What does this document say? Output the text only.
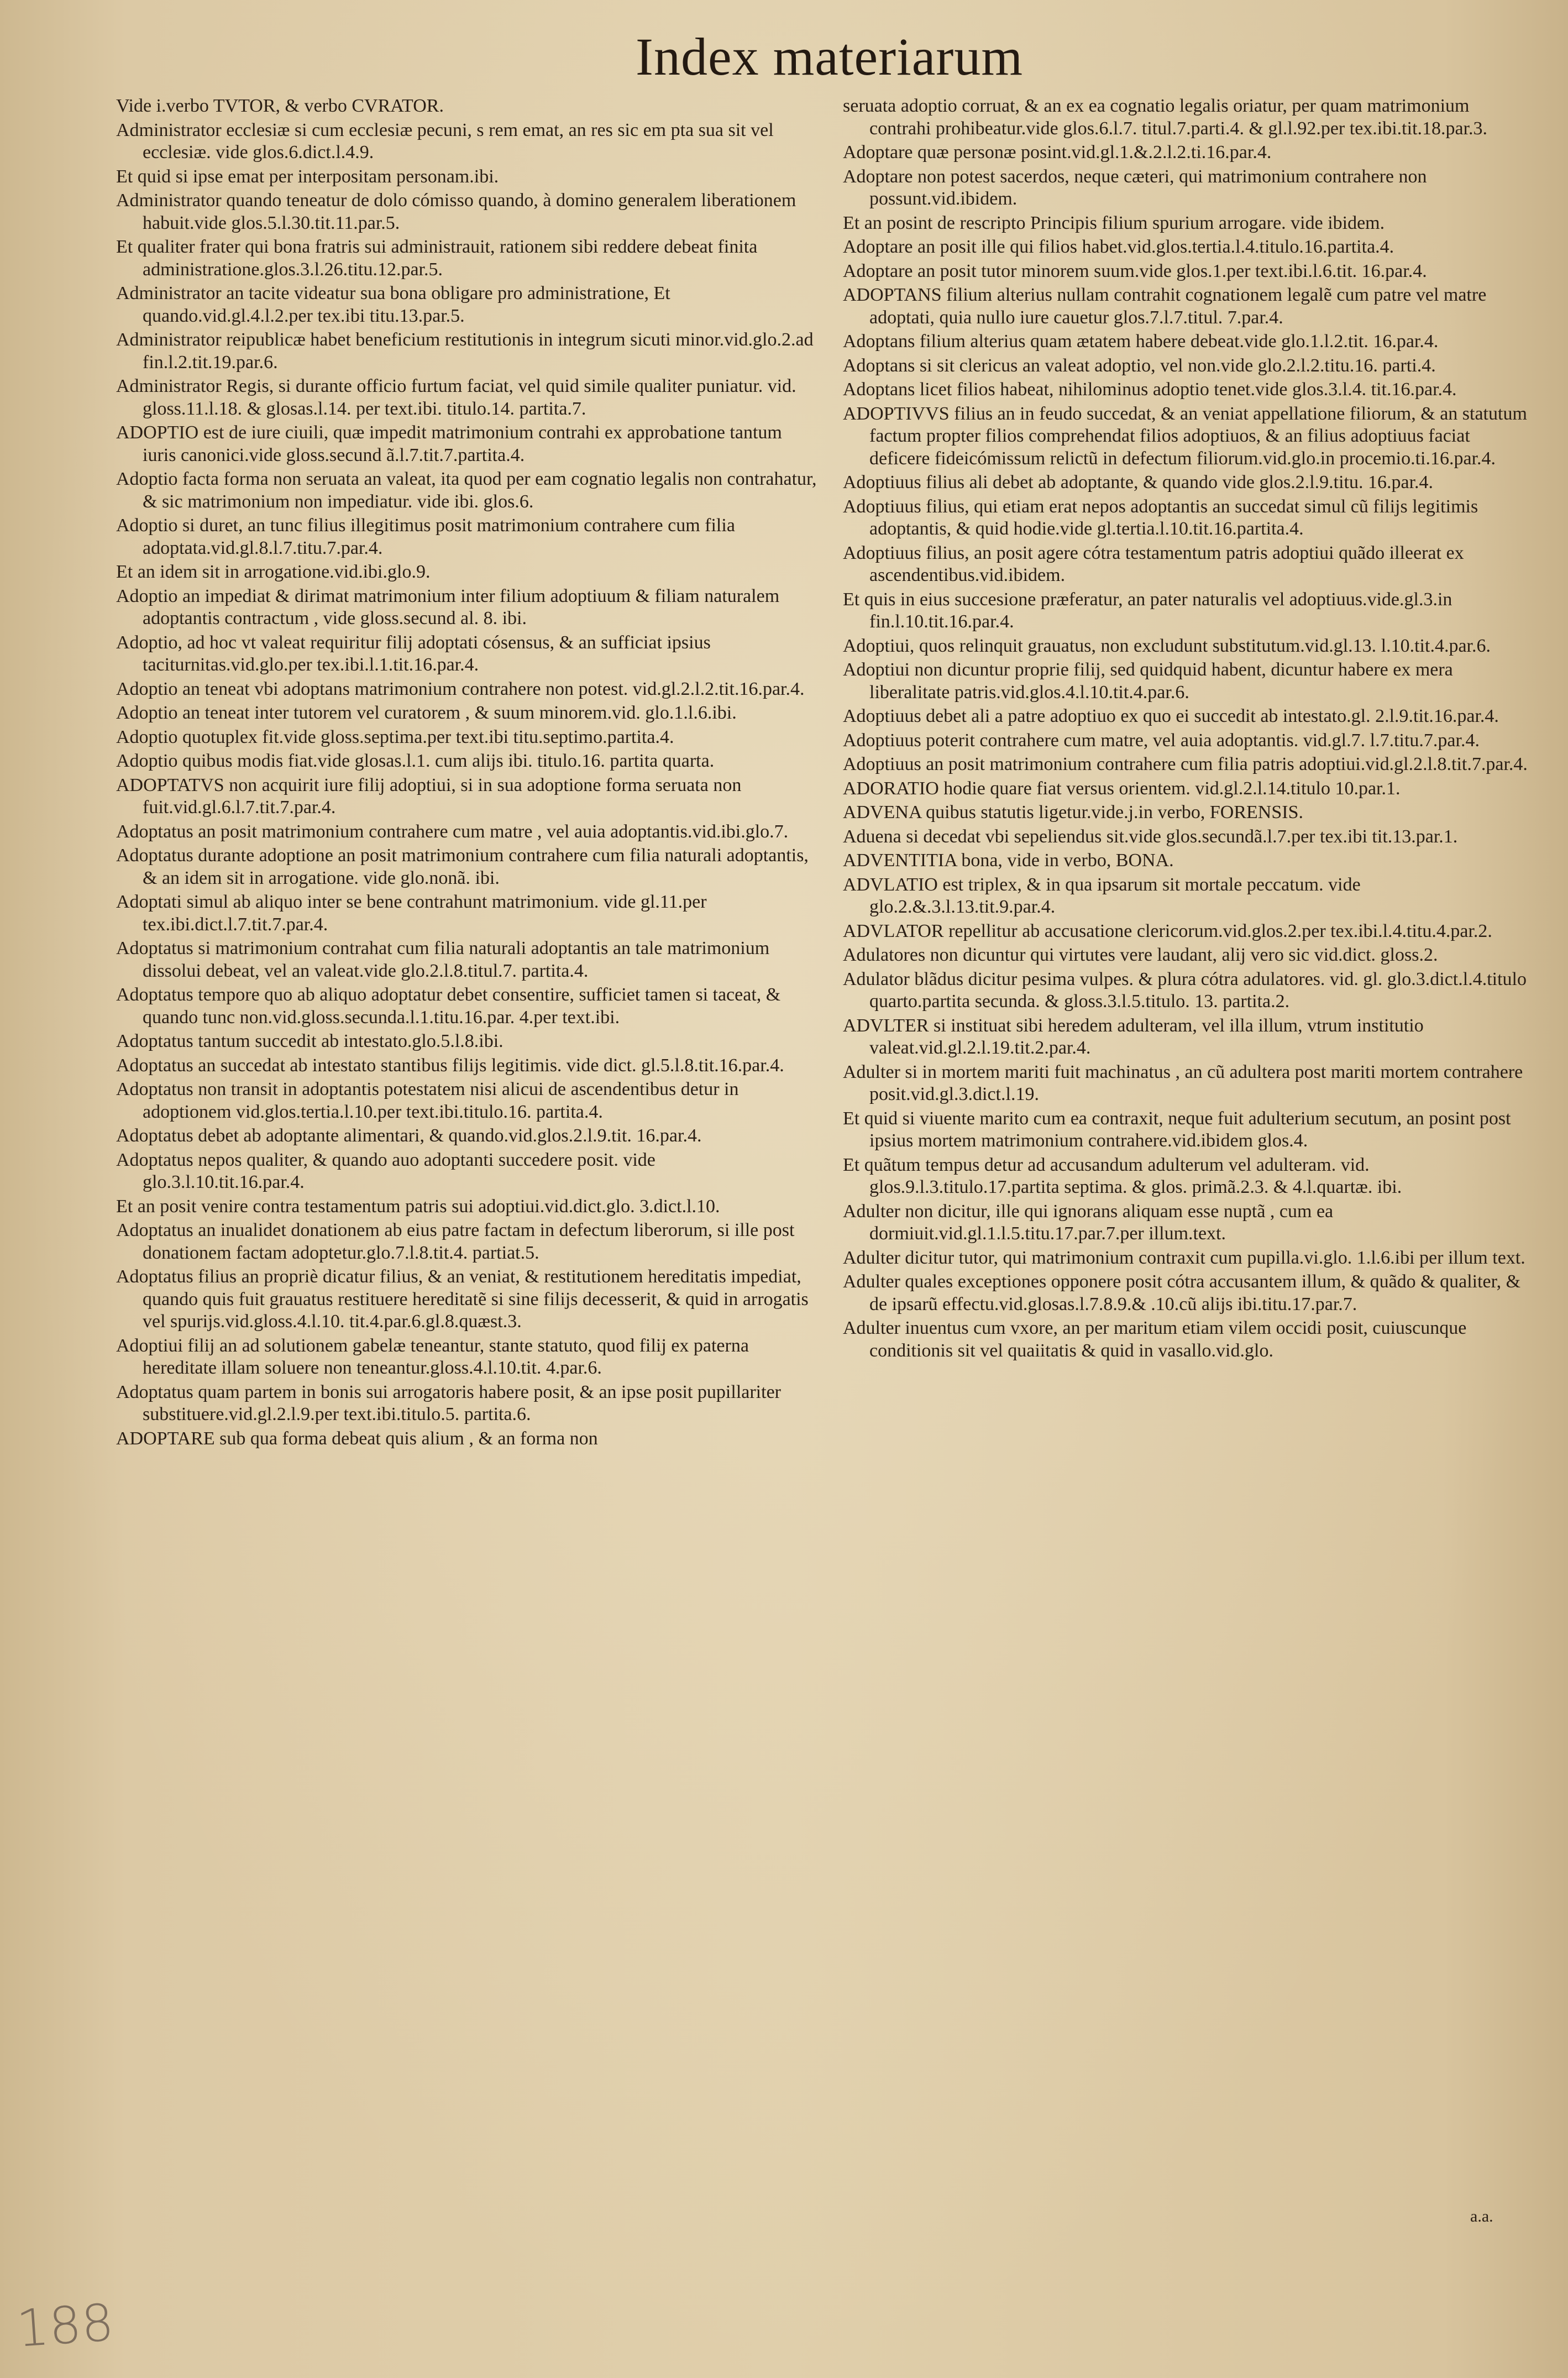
Index materiarum

Vide i.verbo TVTOR, & verbo CVRATOR.

Administrator ecclesiæ si cum ecclesiæ pecuni, s rem emat, an res sic em pta sua sit vel ecclesiæ. vide glos.6.dict.l.4.9.

Et quid si ipse emat per interpositam personam.ibi.

Administrator quando teneatur de dolo cómisso quando, à domino generalem liberationem habuit.vide glos.5.l.30.tit.11.par.5.

Et qualiter frater qui bona fratris sui administrauit, rationem sibi reddere debeat finita administratione.glos.3.l.26.titu.12.par.5.

Administrator an tacite videatur sua bona obligare pro administratione, Et quando.vid.gl.4.l.2.per tex.ibi titu.13.par.5.

Administrator reipublicæ habet beneficium restitutionis in integrum sicuti minor.vid.glo.2.ad fin.l.2.tit.19.par.6.

Administrator Regis, si durante officio furtum faciat, vel quid simile qualiter puniatur. vid. gloss.11.l.18. & glosas.l.14. per text.ibi. titulo.14. partita.7.

ADOPTIO est de iure ciuili, quæ impedit matrimonium contrahi ex approbatione tantum iuris canonici.vide gloss.secund ã.l.7.tit.7.partita.4.

Adoptio facta forma non seruata an valeat, ita quod per eam cognatio legalis non contrahatur, & sic matrimonium non impediatur. vide ibi. glos.6.

Adoptio si duret, an tunc filius illegitimus posit matrimonium contrahere cum filia adoptata.vid.gl.8.l.7.titu.7.par.4.

Et an idem sit in arrogatione.vid.ibi.glo.9.

Adoptio an impediat & dirimat matrimonium inter filium adoptiuum & filiam naturalem adoptantis contractum , vide gloss.secund al. 8. ibi.

Adoptio, ad hoc vt valeat requiritur filij adoptati cósensus, & an sufficiat ipsius taciturnitas.vid.glo.per tex.ibi.l.1.tit.16.par.4.

Adoptio an teneat vbi adoptans matrimonium contrahere non potest. vid.gl.2.l.2.tit.16.par.4.

Adoptio an teneat inter tutorem vel curatorem , & suum minorem.vid. glo.1.l.6.ibi.

Adoptio quotuplex fit.vide gloss.septima.per text.ibi titu.septimo.partita.4.

Adoptio quibus modis fiat.vide glosas.l.1. cum alijs ibi. titulo.16. partita quarta.

ADOPTATVS non acquirit iure filij adoptiui, si in sua adoptione forma seruata non fuit.vid.gl.6.l.7.tit.7.par.4.

Adoptatus an posit matrimonium contrahere cum matre , vel auia adoptantis.vid.ibi.glo.7.

Adoptatus durante adoptione an posit matrimonium contrahere cum filia naturali adoptantis, & an idem sit in arrogatione. vide glo.nonã. ibi.

Adoptati simul ab aliquo inter se bene contrahunt matrimonium. vide gl.11.per tex.ibi.dict.l.7.tit.7.par.4.

Adoptatus si matrimonium contrahat cum filia naturali adoptantis an tale matrimonium dissolui debeat, vel an valeat.vide glo.2.l.8.titul.7. partita.4.

Adoptatus tempore quo ab aliquo adoptatur debet consentire, sufficiet tamen si taceat, & quando tunc non.vid.gloss.secunda.l.1.titu.16.par. 4.per text.ibi.

Adoptatus tantum succedit ab intestato.glo.5.l.8.ibi.

Adoptatus an succedat ab intestato stantibus filijs legitimis. vide dict. gl.5.l.8.tit.16.par.4.

Adoptatus non transit in adoptantis potestatem nisi alicui de ascendentibus detur in adoptionem vid.glos.tertia.l.10.per text.ibi.titulo.16. partita.4.

Adoptatus debet ab adoptante alimentari, & quando.vid.glos.2.l.9.tit. 16.par.4.

Adoptatus nepos qualiter, & quando auo adoptanti succedere posit. vide glo.3.l.10.tit.16.par.4.

Et an posit venire contra testamentum patris sui adoptiui.vid.dict.glo. 3.dict.l.10.

Adoptatus an inualidet donationem ab eius patre factam in defectum liberorum, si ille post donationem factam adoptetur.glo.7.l.8.tit.4. partiat.5.

Adoptatus filius an propriè dicatur filius, & an veniat, & restitutionem hereditatis impediat, quando quis fuit grauatus restituere hereditatẽ si sine filijs decesserit, & quid in arrogatis vel spurijs.vid.gloss.4.l.10. tit.4.par.6.gl.8.quæst.3.

Adoptiui filij an ad solutionem gabelæ teneantur, stante statuto, quod filij ex paterna hereditate illam soluere non teneantur.gloss.4.l.10.tit. 4.par.6.

Adoptatus quam partem in bonis sui arrogatoris habere posit, & an ipse posit pupillariter substituere.vid.gl.2.l.9.per text.ibi.titulo.5. partita.6.

ADOPTARE sub qua forma debeat quis alium , & an forma non

seruata adoptio corruat, & an ex ea cognatio legalis oriatur, per quam matrimonium contrahi prohibeatur.vide glos.6.l.7. titul.7.parti.4. & gl.l.92.per tex.ibi.tit.18.par.3.

Adoptare quæ personæ posint.vid.gl.1.&.2.l.2.ti.16.par.4.

Adoptare non potest sacerdos, neque cæteri, qui matrimonium contrahere non possunt.vid.ibidem.

Et an posint de rescripto Principis filium spurium arrogare. vide ibidem.

Adoptare an posit ille qui filios habet.vid.glos.tertia.l.4.titulo.16.partita.4.

Adoptare an posit tutor minorem suum.vide glos.1.per text.ibi.l.6.tit. 16.par.4.

ADOPTANS filium alterius nullam contrahit cognationem legalẽ cum patre vel matre adoptati, quia nullo iure cauetur glos.7.l.7.titul. 7.par.4.

Adoptans filium alterius quam ætatem habere debeat.vide glo.1.l.2.tit. 16.par.4.

Adoptans si sit clericus an valeat adoptio, vel non.vide glo.2.l.2.titu.16. parti.4.

Adoptans licet filios habeat, nihilominus adoptio tenet.vide glos.3.l.4. tit.16.par.4.

ADOPTIVVS filius an in feudo succedat, & an veniat appellatione filiorum, & an statutum factum propter filios comprehendat filios adoptiuos, & an filius adoptiuus faciat deficere fideicómissum relictũ in defectum filiorum.vid.glo.in procemio.ti.16.par.4.

Adoptiuus filius ali debet ab adoptante, & quando vide glos.2.l.9.titu. 16.par.4.

Adoptiuus filius, qui etiam erat nepos adoptantis an succedat simul cũ filijs legitimis adoptantis, & quid hodie.vide gl.tertia.l.10.tit.16.partita.4.

Adoptiuus filius, an posit agere cótra testamentum patris adoptiui quãdo illeerat ex ascendentibus.vid.ibidem.

Et quis in eius succesione præferatur, an pater naturalis vel adoptiuus.vide.gl.3.in fin.l.10.tit.16.par.4.

Adoptiui, quos relinquit grauatus, non excludunt substitutum.vid.gl.13. l.10.tit.4.par.6.

Adoptiui non dicuntur proprie filij, sed quidquid habent, dicuntur habere ex mera liberalitate patris.vid.glos.4.l.10.tit.4.par.6.

Adoptiuus debet ali a patre adoptiuo ex quo ei succedit ab intestato.gl. 2.l.9.tit.16.par.4.

Adoptiuus poterit contrahere cum matre, vel auia adoptantis. vid.gl.7. l.7.titu.7.par.4.

Adoptiuus an posit matrimonium contrahere cum filia patris adoptiui.vid.gl.2.l.8.tit.7.par.4.

ADORATIO hodie quare fiat versus orientem. vid.gl.2.l.14.titulo 10.par.1.

ADVENA quibus statutis ligetur.vide.j.in verbo, FORENSIS.

Aduena si decedat vbi sepeliendus sit.vide glos.secundã.l.7.per tex.ibi tit.13.par.1.

ADVENTITIA bona, vide in verbo, BONA.

ADVLATIO est triplex, & in qua ipsarum sit mortale peccatum. vide glo.2.&.3.l.13.tit.9.par.4.

ADVLATOR repellitur ab accusatione clericorum.vid.glos.2.per tex.ibi.l.4.titu.4.par.2.

Adulatores non dicuntur qui virtutes vere laudant, alij vero sic vid.dict. gloss.2.

Adulator blãdus dicitur pesima vulpes. & plura cótra adulatores. vid. gl. glo.3.dict.l.4.titulo quarto.partita secunda. & gloss.3.l.5.titulo. 13. partita.2.

ADVLTER si instituat sibi heredem adulteram, vel illa illum, vtrum institutio valeat.vid.gl.2.l.19.tit.2.par.4.

Adulter si in mortem mariti fuit machinatus , an cũ adultera post mariti mortem contrahere posit.vid.gl.3.dict.l.19.

Et quid si viuente marito cum ea contraxit, neque fuit adulterium secutum, an posint post ipsius mortem matrimonium contrahere.vid.ibidem glos.4.

Et quãtum tempus detur ad accusandum adulterum vel adulteram. vid. glos.9.l.3.titulo.17.partita septima. & glos. primã.2.3. & 4.l.quartæ. ibi.

Adulter non dicitur, ille qui ignorans aliquam esse nuptã , cum ea dormiuit.vid.gl.1.l.5.titu.17.par.7.per illum.text.

Adulter dicitur tutor, qui matrimonium contraxit cum pupilla.vi.glo. 1.l.6.ibi per illum text.

Adulter quales exceptiones opponere posit cótra accusantem illum, & quãdo & qualiter, & de ipsarũ effectu.vid.glosas.l.7.8.9.& .10.cũ alijs ibi.titu.17.par.7.

Adulter inuentus cum vxore, an per maritum etiam vilem occidi posit, cuiuscunque conditionis sit vel quaiitatis & quid in vasallo.vid.glo.

a.a.
188
